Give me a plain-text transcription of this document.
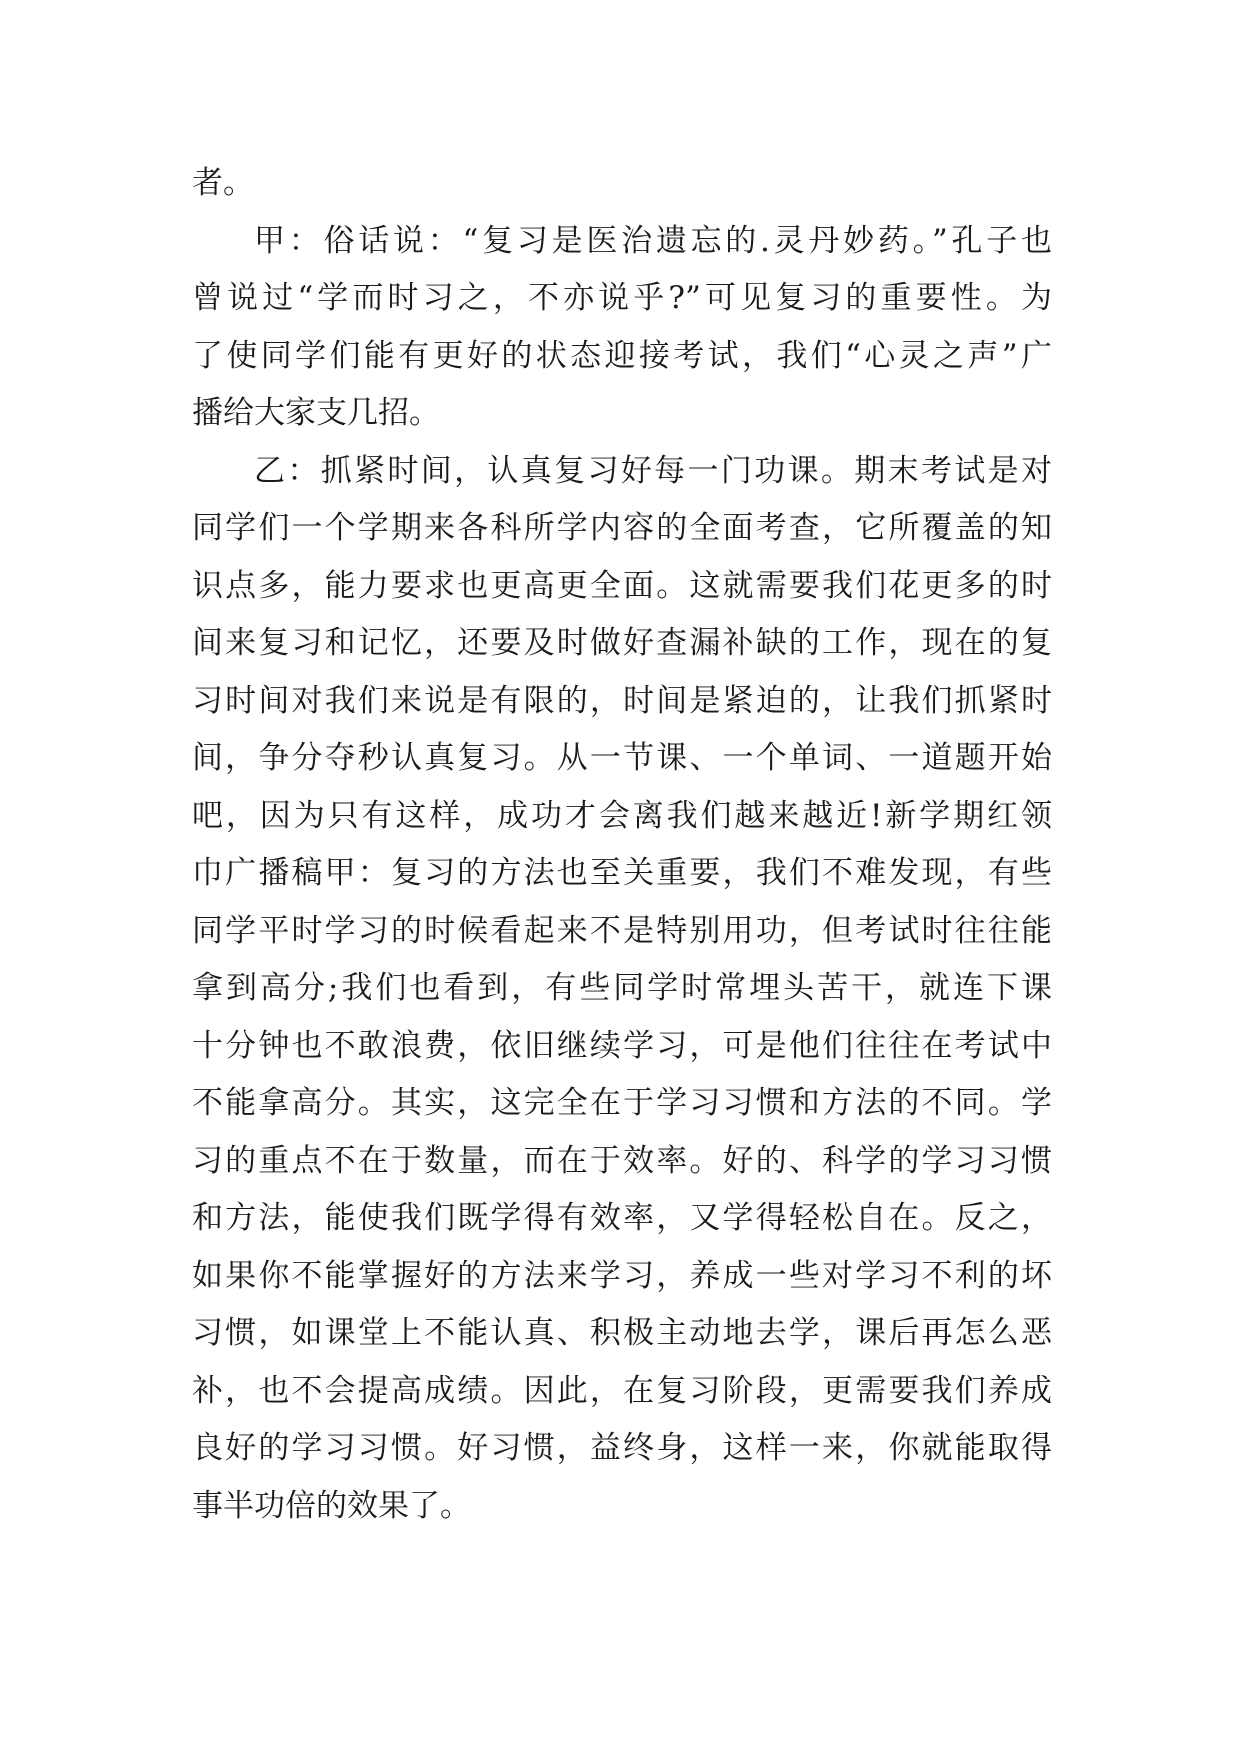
者。
甲：俗话说：“复习是医治遗忘的.灵丹妙药。”孔子也
曾说过“学而时习之，不亦说乎?”可见复习的重要性。为
了使同学们能有更好的状态迎接考试，我们“心灵之声”广
播给大家支几招。
乙：抓紧时间，认真复习好每一门功课。期末考试是对
同学们一个学期来各科所学内容的全面考查，它所覆盖的知
识点多，能力要求也更高更全面。这就需要我们花更多的时
间来复习和记忆，还要及时做好查漏补缺的工作，现在的复
习时间对我们来说是有限的，时间是紧迫的，让我们抓紧时
间，争分夺秒认真复习。从一节课、一个单词、一道题开始
吧，因为只有这样，成功才会离我们越来越近!新学期红领
巾广播稿甲：复习的方法也至关重要，我们不难发现，有些
同学平时学习的时候看起来不是特别用功，但考试时往往能
拿到高分;我们也看到，有些同学时常埋头苦干，就连下课
十分钟也不敢浪费，依旧继续学习，可是他们往往在考试中
不能拿高分。其实，这完全在于学习习惯和方法的不同。学
习的重点不在于数量，而在于效率。好的、科学的学习习惯
和方法，能使我们既学得有效率，又学得轻松自在。反之，
如果你不能掌握好的方法来学习，养成一些对学习不利的坏
习惯，如课堂上不能认真、积极主动地去学，课后再怎么恶
补，也不会提高成绩。因此，在复习阶段，更需要我们养成
良好的学习习惯。好习惯，益终身，这样一来，你就能取得
事半功倍的效果了。
